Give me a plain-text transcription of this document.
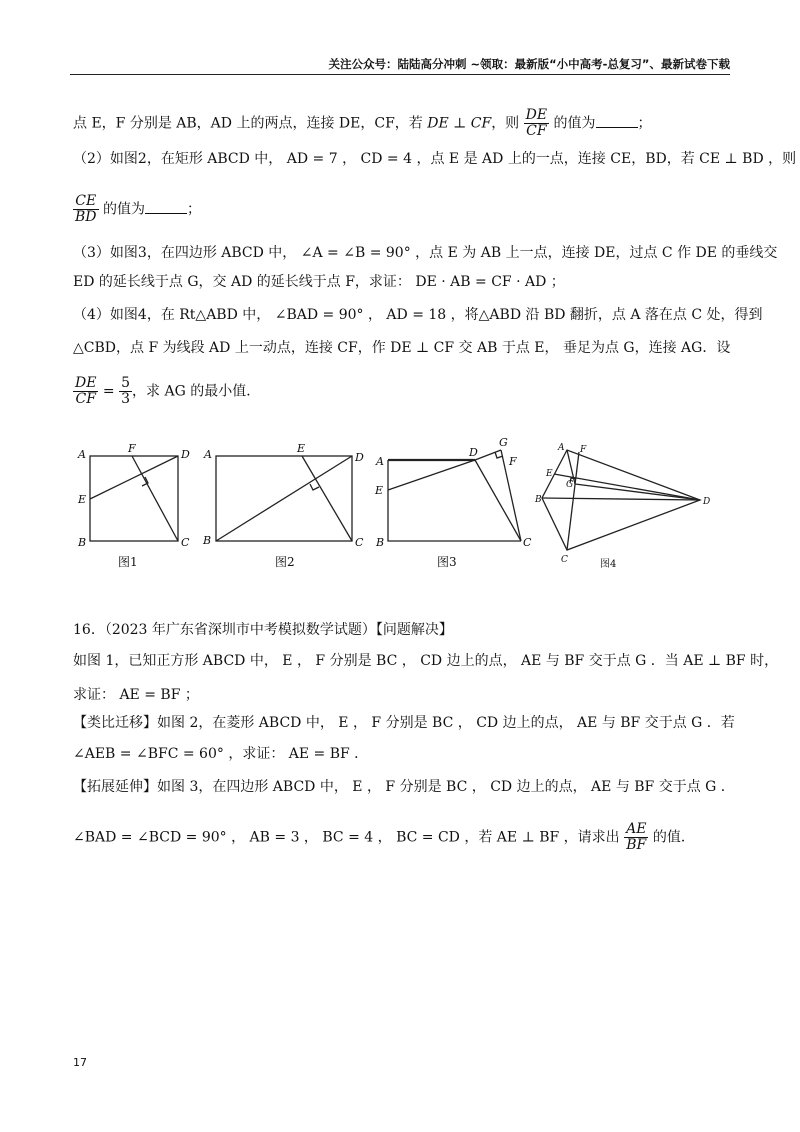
关注公众号：陆陆高分冲刺 ~领取：最新版“小中高考-总复习”、最新试卷下载
点 E，F 分别是 AB，AD 上的两点，连接 DE，CF，若 DE ⊥ CF，则 $\frac{DE}{CF}$ 的值为	；
（2）如图2，在矩形 ABCD 中， AD = 7 ， CD = 4 ，点 E 是 AD 上的一点，连接 CE，BD，若 CE ⊥ BD ，则
$\frac{CE}{BD}$ 的值为	；
（3）如图3，在四边形 ABCD 中， ∠A = ∠B = 90° ，点 E 为 AB 上一点，连接 DE，过点 C 作 DE 的垂线交
ED 的延长线于点 G，交 AD 的延长线于点 F，求证： DE · AB = CF · AD ；
（4）如图4，在 Rt△ABD 中， ∠BAD = 90° ， AD = 18 ，将△ABD 沿 BD 翻折，点 A 落在点 C 处，得到
△CBD，点 F 为线段 AD 上一动点，连接 CF，作 DE ⊥ CF 交 AB 于点 E， 垂足为点 G，连接 AG．设
$\frac{DE}{CF} = \frac{5}{3}$ ，求 AG 的最小值．
A	F	D
E
B	C
A	E
D
B	C
A
D
G
F
E
B	C
A F
E
G
B	D
C
图1	图2	图3	图4
16．（2023 年广东省深圳市中考模拟数学试题）【问题解决】
如图 1，已知正方形 ABCD 中， E ， F 分别是 BC ， CD 边上的点， AE 与 BF 交于点 G ．当 AE ⊥ BF 时，
求证： AE = BF ；
【类比迁移】如图 2，在菱形 ABCD 中， E ， F 分别是 BC ， CD 边上的点， AE 与 BF 交于点 G ．若
∠AEB = ∠BFC = 60° ，求证： AE = BF ．
【拓展延伸】如图 3，在四边形 ABCD 中， E ， F 分别是 BC ， CD 边上的点， AE 与 BF 交于点 G ．
∠BAD = ∠BCD = 90° ， AB = 3 ， BC = 4 ， BC = CD ，若 AE ⊥ BF ，请求出 $\frac{AE}{BF}$ 的值．
17
